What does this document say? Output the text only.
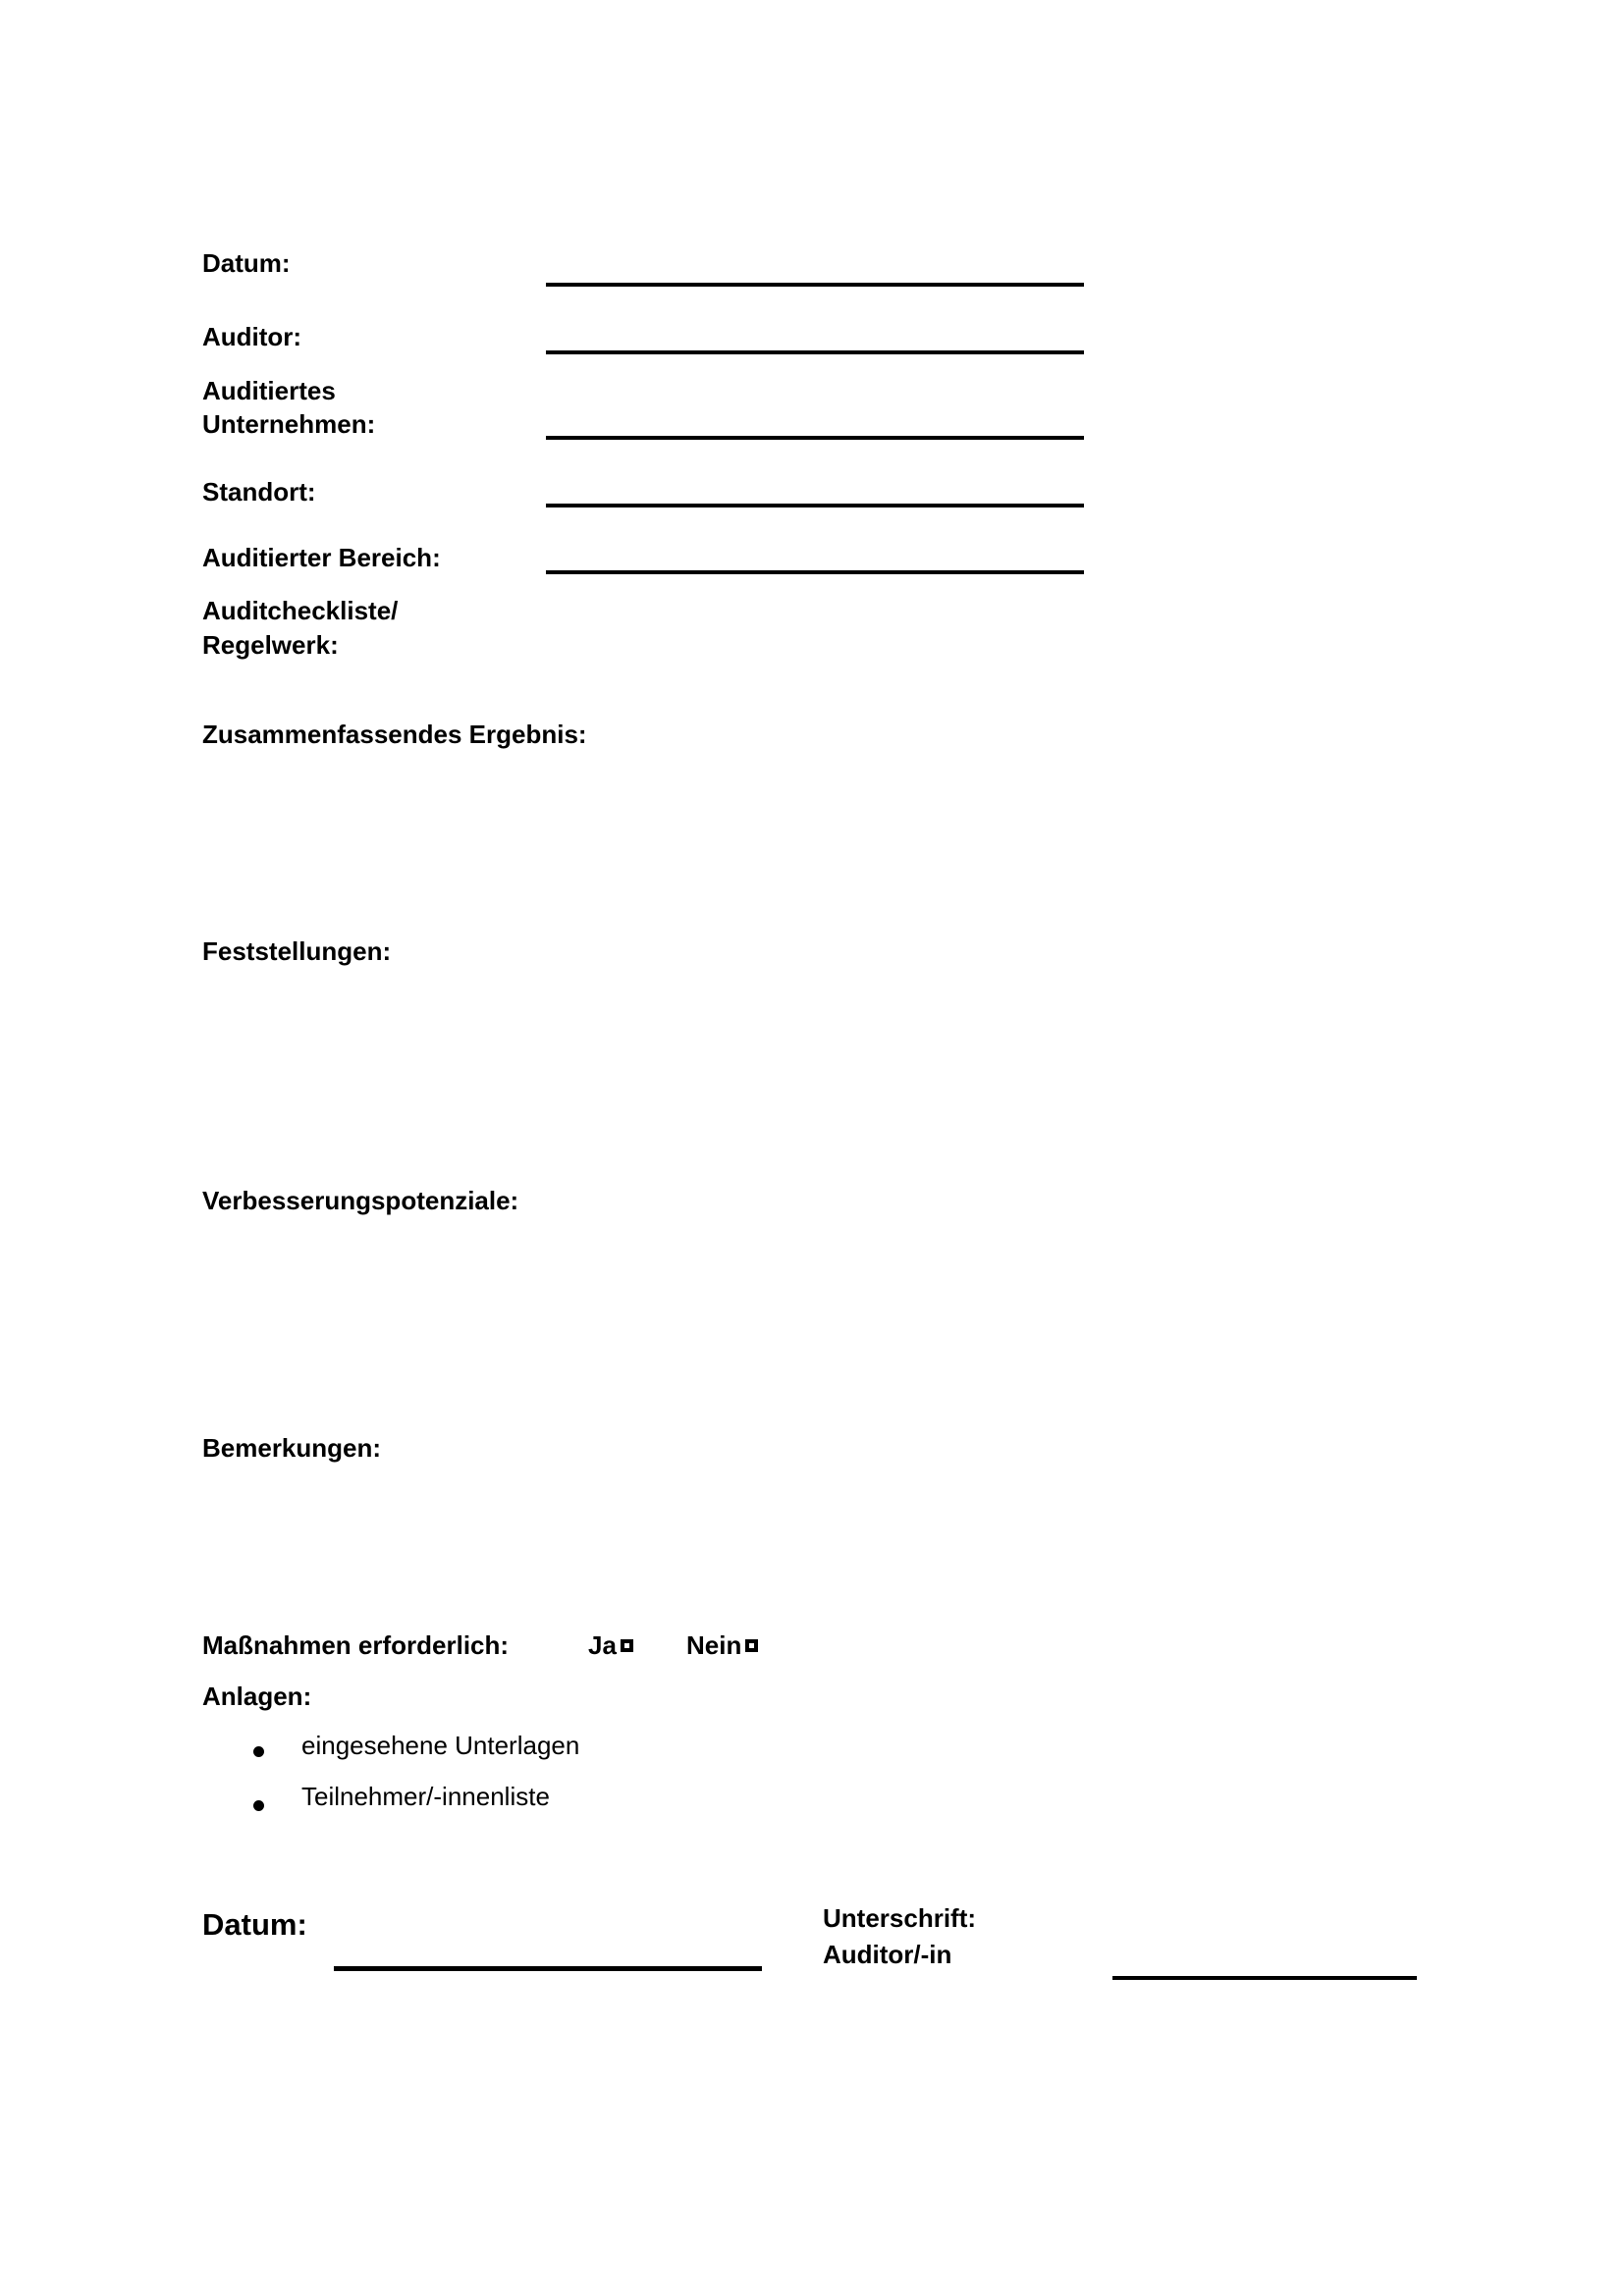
Datum:
Auditor:
Auditiertes
Unternehmen:
Standort:
Auditierter Bereich:
Auditcheckliste/
Regelwerk:
Zusammenfassendes Ergebnis:
Feststellungen:
Verbesserungspotenziale:
Bemerkungen:
Maßnahmen erforderlich:	Ja	Nein
Anlagen:
eingesehene Unterlagen
Teilnehmer/-innenliste
Datum:	Unterschrift:
Auditor/-in
